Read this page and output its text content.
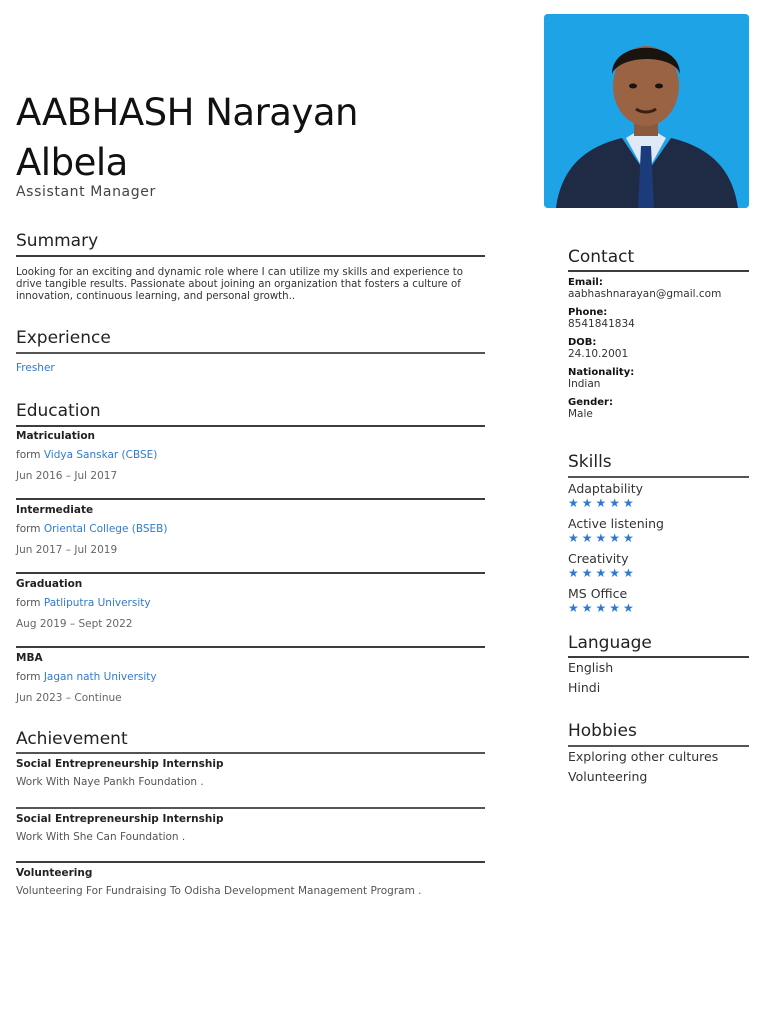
AABHASH Narayan
Albela
Assistant Manager
Summary
Looking for an exciting and dynamic role where I can utilize my skills and experience to drive tangible results. Passionate about joining an organization that fosters a culture of innovation, continuous learning, and personal growth..
Experience
Fresher
Education
Matriculation
form Vidya Sanskar (CBSE)
Jun 2016 – Jul 2017
Intermediate
form Oriental College (BSEB)
Jun 2017 – Jul 2019
Graduation
form Patliputra University
Aug 2019 – Sept 2022
MBA
form Jagan nath University
Jun 2023 – Continue
Achievement
Social Entrepreneurship Internship
Work With Naye Pankh Foundation .
Social Entrepreneurship Internship
Work With She Can Foundation .
Volunteering
Volunteering For Fundraising To Odisha Development Management Program .
Contact
Email:
aabhashnarayan@gmail.com
Phone:
8541841834
DOB:
24.10.2001
Nationality:
Indian
Gender:
Male
Skills
Adaptability
★★★★★
Active listening
★★★★★
Creativity
★★★★★
MS Office
★★★★★
Language
English
Hindi
Hobbies
Exploring other cultures
Volunteering
